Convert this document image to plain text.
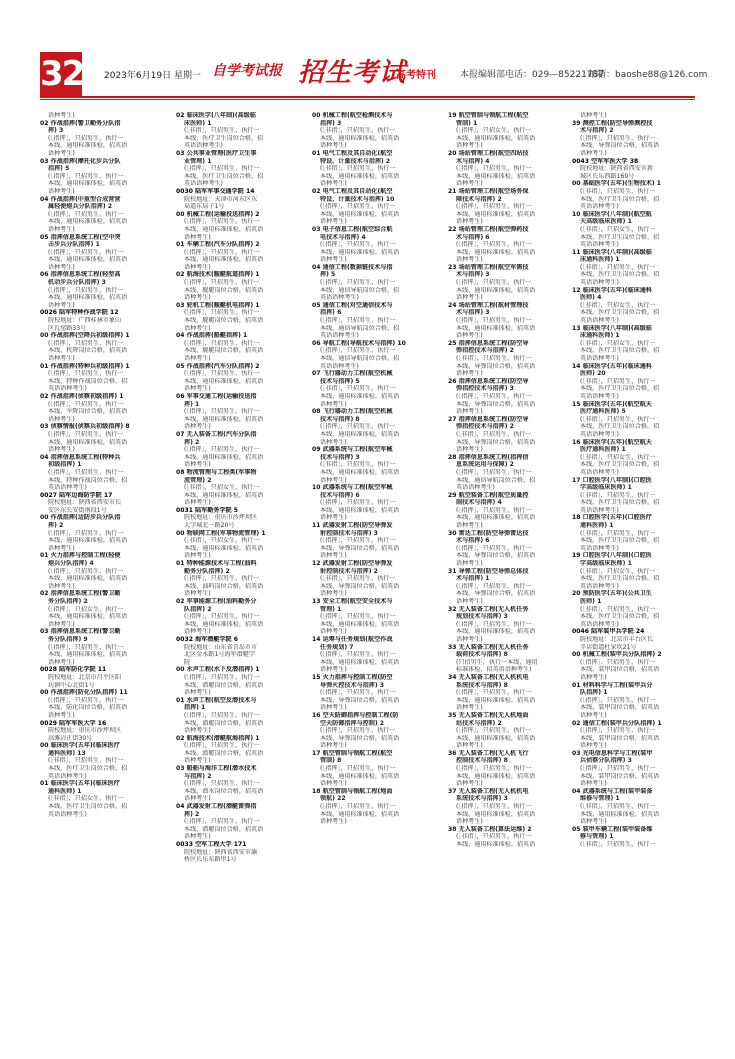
32 2023年6月19日 星期一 自学考试报 招生考试
高考特刊	本报编辑部电话：029—85221787
邮箱：baoshe88@126.com
语种考生)
02 作战指挥(警卫勤务分队指
挥) 3
(［指挥］，只招男生，执行一
本线，通用标准体检，招英语
语种考生)
03 作战指挥(摩托化步兵分队
指挥) 5
(［指挥］，只招男生，执行一
本线，通用标准体检，招英语
语种考生)
04 作战指挥(中重型合成营营
属轻便炮兵分队指挥) 2
(［指挥］，只招男生，执行一
本线，通用标准体检，招英语
语种考生)
05 指挥信息系统工程(空中突
击步兵分队指挥) 1
(［指挥］，只招男生，执行一
本线，通用标准体检，招英语
语种考生)
06 指挥信息系统工程(轻型高
机动步兵分队指挥) 3
(［指挥］，只招男生，执行一
本线，通用标准体检，招英语
语种考生)
0026 陆军特种作战学院 12
院校地址：广西桂林市象山
区瓦窑路33号
00 作战指挥(空降兵初级指挥) 1
(［指挥］，只招男生，执行一
本线，机降岗位合格，招英语
语种考生)
01 作战指挥(特种兵初级指挥) 1
(［指挥］，只招男生，执行一
本线，特种作战岗位合格，招
英语语种考生)
02 作战指挥(侦察初级指挥) 1
(［指挥］，只招男生，执行一
本线，伞降岗位合格，招英语
语种考生)
03 侦察情报(侦察兵初级指挥) 8
(［指挥］，只招男生，执行一
本线，通用标准体检，招英语
语种考生)
04 指挥信息系统工程(特种兵
初级指挥) 1
(［指挥］，只招男生，执行一
本线，特种作战岗位合格，招
英语语种考生)
0027 陆军边海防学院 17
院校地址：陕西省西安市长
安区东长安街南段1号
00 作战指挥(边防步兵分队指
挥) 2
(［指挥］，只招男生，执行一
本线，通用标准体检，招英语
语种考生)
01 火力指挥与控制工程(轻便
炮兵分队指挥) 4
(［指挥］，只招男生，执行一
本线，通用标准体检，招英语
语种考生)
02 指挥信息系统工程(警卫勤
务分队指挥) 2
(［指挥］，只招女生，执行一
本线，通用标准体检，招英语
语种考生)
03 指挥信息系统工程(警卫勤
务分队指挥) 9
(［指挥］，只招男生，执行一
本线，通用标准体检，招英语
语种考生)
0028 陆军防化学院 11
院校地址：北京市昌平区阳
坊镇中心北街1号
00 作战指挥(防化分队指挥) 11
(［指挥］，只招男生，执行一
本线，防化岗位合格，招英语
语种考生)
0029 陆军军医大学 16
院校地址：重庆市沙坪坝区
高滩岩正街30号
00 临床医学(五年)(临床医疗
通科医师) 13
(［非指］，只招男生，执行一
本线，医疗卫生岗位合格，招
英语语种考生)
01 临床医学(五年)(临床医疗
通科医师) 1
(［非指］，只招女生，执行一
本线，医疗卫生岗位合格，招
英语语种考生)
02 临床医学(八年制)(高级临
床医师) 1
(［非指］，只招男生，执行一
本线，医疗卫生岗位合格，招
英语语种考生)
03 公共事业管理(医疗卫生事
业管理) 1
(［指挥］，只招男生，执行一
本线，医疗卫生岗位合格，招
英语语种考生)
0030 陆军军事交通学院 14
院校地址：天津市河东区东
局道东局子1号
00 机械工程(运输投送指挥) 2
(［指挥］，只招男生，执行一
本线，通用标准体检，招英语
语种考生)
01 车辆工程(汽车分队指挥) 2
(［指挥］，只招男生，执行一
本线，通用标准体检，招英语
语种考生)
02 航海技术(舰艇航道指挥) 1
(［指挥］，只招男生，执行一
本线，舰艇岗位合格，招英语
语种考生)
03 轮机工程(舰艇机电指挥) 1
(［指挥］，只招男生，执行一
本线，舰艇岗位合格，招英语
语种考生)
04 作战指挥(船艇指挥) 1
(［指挥］，只招男生，执行一
本线，舰艇岗位合格，招英语
语种考生)
05 作战指挥(汽车分队指挥) 2
(［指挥］，只招男生，执行一
本线，通用标准体检，招英语
语种考生)
06 军事交通工程(运输投送指
挥) 1
(［指挥］，只招男生，执行一
本线，通用标准体检，招英语
语种考生)
07 无人装备工程(汽车分队指
挥) 2
(［指挥］，只招男生，执行一
本线，通用标准体检，招英语
语种考生)
08 物流管理与工程类(军事物
流管理) 2
(［非指］，只招女生，执行一
本线，通用标准体检，招英语
语种考生)
0031 陆军勤务学院 5
院校地址：重庆市沙坪坝区
大学城北一路20号
00 物联网工程(军事物流管理) 1
(［非指］，只招女生，执行一
本线，通用标准体检，招英语
语种考生)
01 特种能源技术与工程(油料
勤务分队指挥) 2
(［指挥］，只招男生，执行一
本线，油料岗位合格，招英语
语种考生)
02 军事能源工程(油料勤务分
队指挥) 2
(［指挥］，只招男生，执行一
本线，通用标准体检，招英语
语种考生)
0032 海军潜艇学院 6
院校地址：山东省青岛市市
北区金水路1号海军潜艇学
院
00 水声工程(水下反潜指挥) 1
(［指挥］，只招男生，执行一
本线，潜艇岗位合格，招英语
语种考生)
01 水声工程(航空反潜技术与
指挥) 1
(［指挥］，只招男生，执行一
本线，潜艇岗位合格，招英语
语种考生)
02 航海技术(潜艇航海指挥) 1
(［指挥］，只招男生，执行一
本线，潜艇岗位合格，招英语
语种考生)
03 船舶与海洋工程(潜水技术
与指挥) 2
(［指挥］，只招男生，执行一
本线，潜水岗位合格，招英语
语种考生)
04 武器发射工程(潜艇雷弹指
挥) 2
(［指挥］，只招男生，执行一
本线，潜艇岗位合格，招英语
语种考生)
0033 空军工程大学 171
院校地址：陕西省西安市灞
桥区长乐东路甲1号
00 机械工程(航空检测技术与
指挥) 3
(［非指］，只招男生，执行一
本线，通用标准体检，招英语
语种考生)
01 电气工程及其自动化(航空
特设、计量技术与指挥) 2
(［非指］，只招男生，执行一
本线，通用标准体检，招英语
语种考生)
02 电气工程及其自动化(航空
特设、计量技术与指挥) 10
(［指挥］，只招男生，执行一
本线，通用标准体检，招英语
语种考生)
03 电子信息工程(航空综合航
电技术与指挥) 4
(［指挥］，只招男生，执行一
本线，通用标准体检，招英语
语种考生)
04 通信工程(数据链技术与指
挥) 5
(［指挥］，只招男生，执行一
本线，通信导航岗位合格，招
英语语种考生)
05 通信工程(对空通信技术与
指挥) 6
(［指挥］，只招男生，执行一
本线，通信导航岗位合格，招
英语语种考生)
06 导航工程(导航技术与指挥) 10
(［指挥］，只招男生，执行一
本线，通信导航岗位合格，招
英语语种考生)
07 飞行器动力工程(航空机械
技术与指挥) 5
(［非指］，只招男生，执行一
本线，通用标准体检，招英语
语种考生)
08 飞行器动力工程(航空机械
技术与指挥) 8
(［指挥］，只招男生，执行一
本线，通用标准体检，招英语
语种考生)
09 武器系统与工程(航空军械
技术与指挥) 3
(［非指］，只招男生，执行一
本线，通用标准体检，招英语
语种考生)
10 武器系统与工程(航空军械
技术与指挥) 6
(［指挥］，只招男生，执行一
本线，通用标准体检，招英语
语种考生)
11 武器发射工程(防空导弹发
射控制技术与指挥) 3
(［指挥］，只招男生，执行一
本线，导弹岗位合格，招英语
语种考生)
12 武器发射工程(防空导弹发
射控制技术与指挥) 2
(［非指］，只招男生，执行一
本线，导弹岗位合格，招英语
语种考生)
13 安全工程(航空安全技术与
管理) 1
(［指挥］，只招男生，执行一
本线，通用标准体检，招英语
语种考生)
14 运筹与任务规划(航空作战
任务规划) 7
(［指挥］，只招男生，执行一
本线，通用标准体检，招英语
语种考生)
15 火力指挥与控制工程(防空
导弹火控技术与指挥) 3
(［指挥］，只招男生，执行一
本线，导弹岗位合格，招英语
语种考生)
16 空天防御指挥与控制工程(防
空天防御指挥与控制) 2
(［指挥］，只招男生，执行一
本线，导弹岗位合格，招英语
语种考生)
17 航空管制与领航工程(航空
管制) 8
(［指挥］，只招男生，执行一
本线，通用标准体检，招英语
语种考生)
18 航空管制与领航工程(地面
领航) 22
(［指挥］，只招男生，执行一
本线，通用标准体检，招英语
语种考生)
19 航空管制与领航工程(航空
管制) 1
(［指挥］，只招女生，执行一
本线，通用标准体检，招英语
语种考生)
20 场站管理工程(航空四站技
术与指挥) 4
(［指挥］，只招男生，执行一
本线，通用标准体检，招英语
语种考生)
21 场站管理工程(航空场务保
障技术与指挥) 2
(［指挥］，只招男生，执行一
本线，通用标准体检，招英语
语种考生)
22 场站管理工程(航空弹药技
术与指挥) 6
(［指挥］，只招男生，执行一
本线，通用标准体检，招英语
语种考生)
23 场站管理工程(航空军需技
术与指挥) 3
(［指挥］，只招男生，执行一
本线，通用标准体检，招英语
语种考生)
24 场站管理工程(航材管理技
术与指挥) 3
(［指挥］，只招男生，执行一
本线，通用标准体检，招英语
语种考生)
25 指挥信息系统工程(防空导
弹指控技术与指挥) 2
(［非指］，只招男生，执行一
本线，导弹岗位合格，招英语
语种考生)
26 指挥信息系统工程(防空导
弹指控技术与指挥) 3
(［指挥］，只招男生，执行一
本线，导弹岗位合格，招英语
语种考生)
27 指挥信息系统工程(防空导
弹指控技术与指挥) 2
(［非指］，只招男生，执行一
本线，导弹岗位合格，招英语
语种考生)
28 指挥信息系统工程(指挥信
息系统运用与保障) 2
(［指挥］，只招男生，执行一
本线，通信导航岗位合格，招
英语语种考生)
29 航空装备工程(航空质量控
制技术与指挥) 4
(［指挥］，只招男生，执行一
本线，通用标准体检，招英语
语种考生)
30 雷达工程(防空导弹雷达技
术与指挥) 6
(［指挥］，只招男生，执行一
本线，导弹岗位合格，招英语
语种考生)
31 导弹工程(防空导弹总体技
术与指挥) 1
(［指挥］，只招男生，执行一
本线，导弹岗位合格，招英语
语种考生)
32 无人装备工程(无人机任务
规划技术与指挥) 3
(［指挥］，只招男生，执行一
本线，通用标准体检，招英语
语种考生)
33 无人装备工程(无人机任务
载荷技术与指挥) 8
(只招男生，执行一本线，通用
标准体检，招英语语种考生)
34 无人装备工程(无人机机电
系统技术与指挥) 8
(［指挥］，只招男生，执行一
本线，通用标准体检，招英语
语种考生)
35 无人装备工程(无人机地面
站技术与指挥) 2
(［指挥］，只招男生，执行一
本线，通用标准体检，招英语
语种考生)
36 无人装备工程(无人机飞行
控制技术与指挥) 8
(［指挥］，只招男生，执行一
本线，通用标准体检，招英语
语种考生)
37 无人装备工程(无人机机电
系统技术与指挥) 3
(［指挥］，只招男生，执行一
本线，通用标准体检，招英语
语种考生)
38 无人装备工程(算法运维) 2
(［非指］，只招男生，执行一
本线，通用标准体检，招英语
语种考生)
39 测控工程(防空导弹测控技
术与指挥) 2
(［指挥］，只招男生，执行一
本线，导弹岗位合格，招英语
语种考生)
0043 空军军医大学 38
院校地址：陕西省西安市新
城区长乐西路169号
00 基础医学(五年)(生物技术) 1
(［非指］，只招男生，执行一
本线，医疗卫生岗位合格，招
英语语种考生)
10 临床医学(八年制)(航空航
天高级临床医师) 1
(［非指］，只招女生，执行一
本线，医疗卫生岗位合格，招
英语语种考生)
11 临床医学(八年制)(高级临
床通科医师) 1
(［非指］，只招男生，执行一
本线，医疗卫生岗位合格，招
英语语种考生)
12 临床医学(五年)(临床通科
医师) 4
(［非指］，只招女生，执行一
本线，医疗卫生岗位合格，招
英语语种考生)
13 临床医学(八年制)(高级临
床通科医师) 1
(［非指］，只招女生，执行一
本线，医疗卫生岗位合格，招
英语语种考生)
14 临床医学(五年)(临床通科
医师) 20
(［非指］，只招男生，执行一
本线，医疗卫生岗位合格，招
英语语种考生)
15 临床医学(五年)(航空航天
医疗通科医师) 5
(［非指］，只招男生，执行一
本线，医疗卫生岗位合格，招
英语语种考生)
16 临床医学(五年)(航空航天
医疗通科医师) 1
(［非指］，只招女生，执行一
本线，医疗卫生岗位合格，招
英语语种考生)
17 口腔医学(八年制)(口腔医
学高级临床医师) 1
(［非指］，只招男生，执行一
本线，医疗卫生岗位合格，招
英语语种考生)
18 口腔医学(五年)(口腔医疗
通科医师) 1
(［非指］，只招男生，执行一
本线，医疗卫生岗位合格，招
英语语种考生)
19 口腔医学(八年制)(口腔医
学高级临床医师) 1
(［非指］，只招女生，执行一
本线，医疗卫生岗位合格，招
英语语种考生)
20 预防医学(五年)(公共卫生
医师) 1
(［非指］，只招男生，执行一
本线，医疗卫生岗位合格，招
英语语种考生)
0046 陆军装甲兵学院 24
院校地址：北京市丰台区长
辛店街道杜家坎21号
00 机械工程(装甲兵分队指挥) 2
(［指挥］，只招男生，执行一
本线，装甲岗位合格，招英语
语种考生)
01 材料科学与工程(装甲兵分
队指挥) 1
(［指挥］，只招男生，执行一
本线，装甲岗位合格，招英语
语种考生)
02 通信工程(装甲兵分队指挥) 1
(［指挥］，只招男生，执行一
本线，装甲岗位合格，招英语
语种考生)
03 光电信息科学与工程(装甲
兵侦察分队指挥) 3
(［指挥］，只招男生，执行一
本线，装甲岗位合格，招英语
语种考生)
04 武器系统与工程(装甲装备
维修与管理) 1
(［非指］，只招男生，执行一
本线，通用标准体检，招英语
语种考生)
05 装甲车辆工程(装甲装备维
修与管理) 1
(［非指］，只招男生，执行一
